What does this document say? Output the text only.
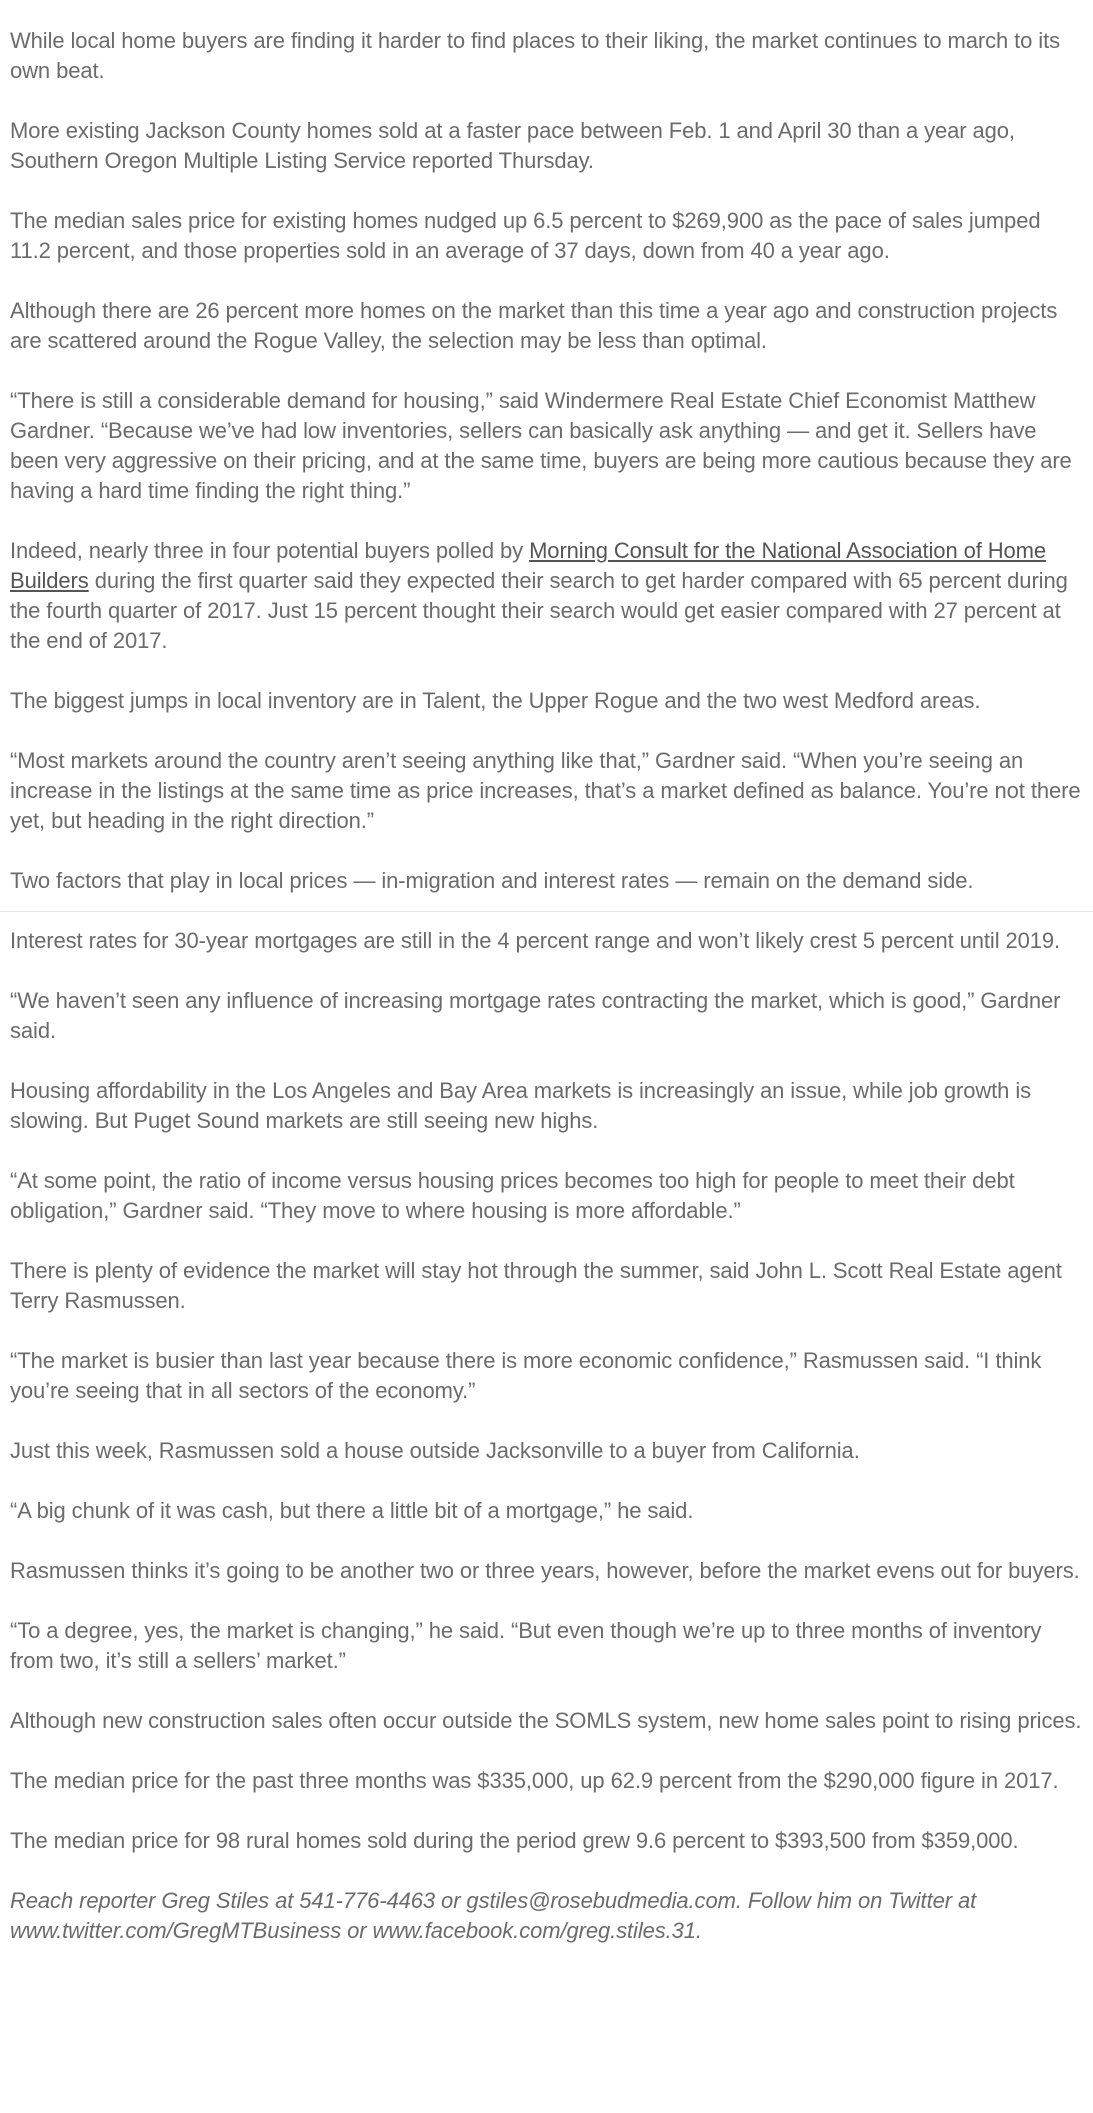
While local home buyers are finding it harder to find places to their liking, the market continues to march to its own beat.

More existing Jackson County homes sold at a faster pace between Feb. 1 and April 30 than a year ago, Southern Oregon Multiple Listing Service reported Thursday.

The median sales price for existing homes nudged up 6.5 percent to $269,900 as the pace of sales jumped 11.2 percent, and those properties sold in an average of 37 days, down from 40 a year ago.

Although there are 26 percent more homes on the market than this time a year ago and construction projects are scattered around the Rogue Valley, the selection may be less than optimal.

“There is still a considerable demand for housing,” said Windermere Real Estate Chief Economist Matthew Gardner. “Because we’ve had low inventories, sellers can basically ask anything — and get it. Sellers have been very aggressive on their pricing, and at the same time, buyers are being more cautious because they are having a hard time finding the right thing.”

Indeed, nearly three in four potential buyers polled by Morning Consult for the National Association of Home Builders during the first quarter said they expected their search to get harder compared with 65 percent during the fourth quarter of 2017. Just 15 percent thought their search would get easier compared with 27 percent at the end of 2017.

The biggest jumps in local inventory are in Talent, the Upper Rogue and the two west Medford areas.

“Most markets around the country aren’t seeing anything like that,” Gardner said. “When you’re seeing an increase in the listings at the same time as price increases, that’s a market defined as balance. You’re not there yet, but heading in the right direction.”

Two factors that play in local prices — in-migration and interest rates — remain on the demand side.

Interest rates for 30-year mortgages are still in the 4 percent range and won’t likely crest 5 percent until 2019.

“We haven’t seen any influence of increasing mortgage rates contracting the market, which is good,” Gardner said.

Housing affordability in the Los Angeles and Bay Area markets is increasingly an issue, while job growth is slowing. But Puget Sound markets are still seeing new highs.

“At some point, the ratio of income versus housing prices becomes too high for people to meet their debt obligation,” Gardner said. “They move to where housing is more affordable.”

There is plenty of evidence the market will stay hot through the summer, said John L. Scott Real Estate agent Terry Rasmussen.

“The market is busier than last year because there is more economic confidence,” Rasmussen said. “I think you’re seeing that in all sectors of the economy.”

Just this week, Rasmussen sold a house outside Jacksonville to a buyer from California.

“A big chunk of it was cash, but there a little bit of a mortgage,” he said.

Rasmussen thinks it’s going to be another two or three years, however, before the market evens out for buyers.

“To a degree, yes, the market is changing,” he said. “But even though we’re up to three months of inventory from two, it’s still a sellers’ market.”

Although new construction sales often occur outside the SOMLS system, new home sales point to rising prices.

The median price for the past three months was $335,000, up 62.9 percent from the $290,000 figure in 2017.

The median price for 98 rural homes sold during the period grew 9.6 percent to $393,500 from $359,000.

Reach reporter Greg Stiles at 541-776-4463 or gstiles@rosebudmedia.com. Follow him on Twitter at www.twitter.com/GregMTBusiness or www.facebook.com/greg.stiles.31.
